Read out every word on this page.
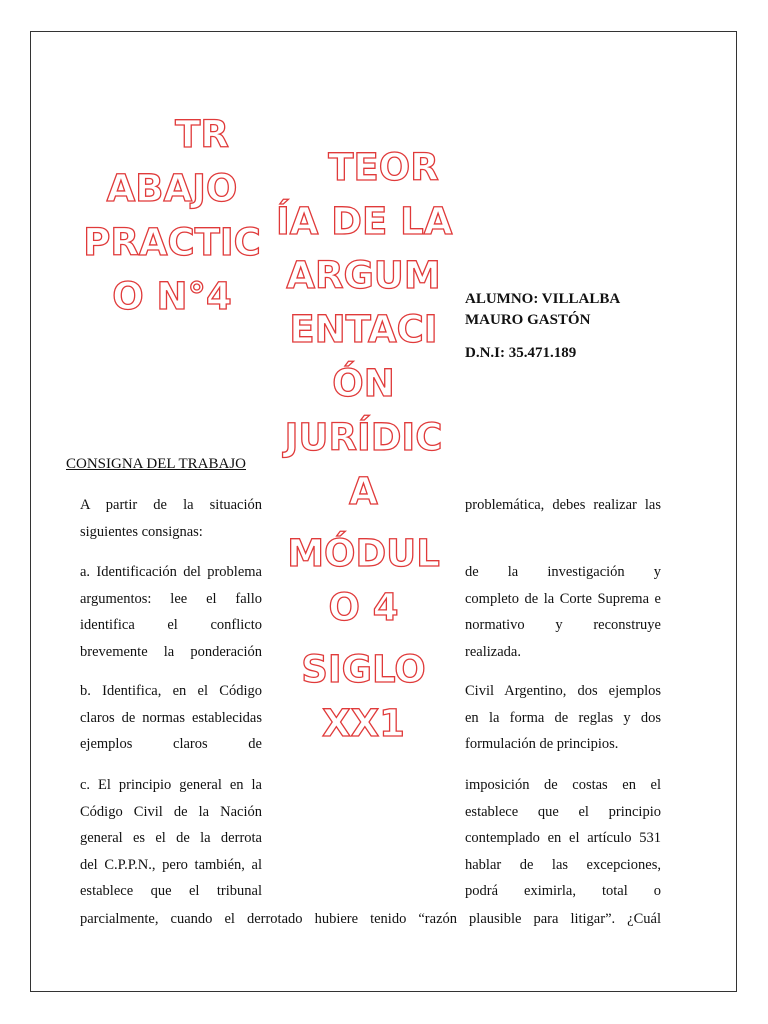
TR
ABAJO
PRACTIC
O N°4
TEOR
ÍA DE LA
ARGUM
ENTACI
ÓN
JURÍDIC
A
MÓDUL
O 4
SIGLO
XX1
ALUMNO: VILLALBA
MAURO GASTÓN
D.N.I: 35.471.189
CONSIGNA DEL TRABAJO
A partir de la situación
siguientes consignas:
problemática, debes realizar las
a. Identificación del problema
argumentos: lee el fallo
identifica el conflicto
brevemente la ponderación
de la investigación y
completo de la Corte Suprema e
normativo y reconstruye
realizada.
b. Identifica, en el Código
claros de normas establecidas
ejemplos claros de
Civil Argentino, dos ejemplos
en la forma de reglas y dos
formulación de principios.
c. El principio general en la
Código Civil de la Nación
general es el de la derrota
del C.P.P.N., pero también, al
establece que el tribunal
imposición de costas en el
establece que el principio
contemplado en el artículo 531
hablar de las excepciones,
podrá eximirla, total o
parcialmente, cuando el derrotado hubiere tenido “razón plausible para litigar”. ¿Cuál
